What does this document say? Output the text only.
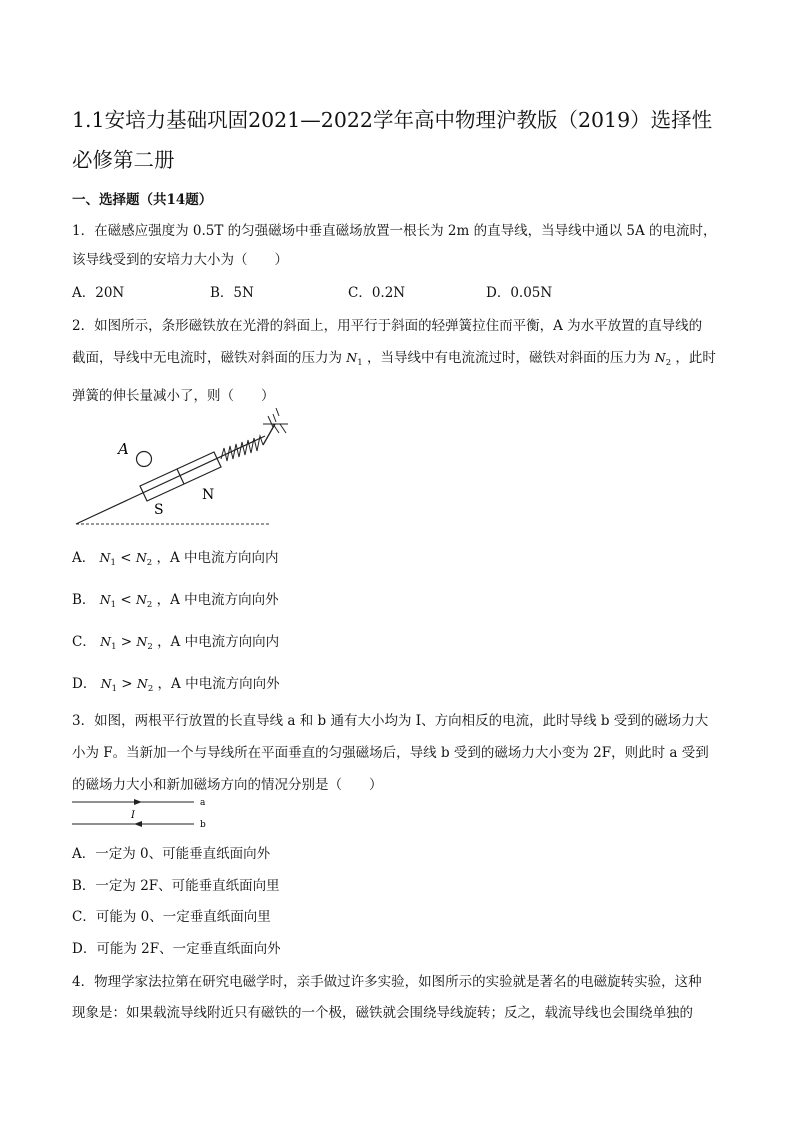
1.1安培力基础巩固2021—2022学年高中物理沪教版（2019）选择性必修第二册
一、选择题（共14题）
1．在磁感应强度为 0.5T 的匀强磁场中垂直磁场放置一根长为 2m 的直导线，当导线中通以 5A 的电流时，
该导线受到的安培力大小为（　　）
A．20N	B．5N	C．0.2N	D．0.05N
2．如图所示，条形磁铁放在光滑的斜面上，用平行于斜面的轻弹簧拉住而平衡，A 为水平放置的直导线的
截面，导线中无电流时，磁铁对斜面的压力为 $N_1$ ，当导线中有电流流过时，磁铁对斜面的压力为 $N_2$ ，此时
弹簧的伸长量减小了，则（　　）
A
N
S
A． $N_1 < N_2$ ，A 中电流方向向内
B． $N_1 < N_2$ ，A 中电流方向向外
C． $N_1 > N_2$ ，A 中电流方向向内
D． $N_1 > N_2$ ，A 中电流方向向外
3．如图，两根平行放置的长直导线 a 和 b 通有大小均为 I、方向相反的电流，此时导线 b 受到的磁场力大
小为 F。当新加一个与导线所在平面垂直的匀强磁场后，导线 b 受到的磁场力大小变为 2F，则此时 a 受到
的磁场力大小和新加磁场方向的情况分别是（　　）
a
b
I
A．一定为 0、可能垂直纸面向外
B．一定为 2F、可能垂直纸面向里
C．可能为 0、一定垂直纸面向里
D．可能为 2F、一定垂直纸面向外
4．物理学家法拉第在研究电磁学时，亲手做过许多实验，如图所示的实验就是著名的电磁旋转实验，这种
现象是：如果载流导线附近只有磁铁的一个极，磁铁就会围绕导线旋转；反之，载流导线也会围绕单独的
